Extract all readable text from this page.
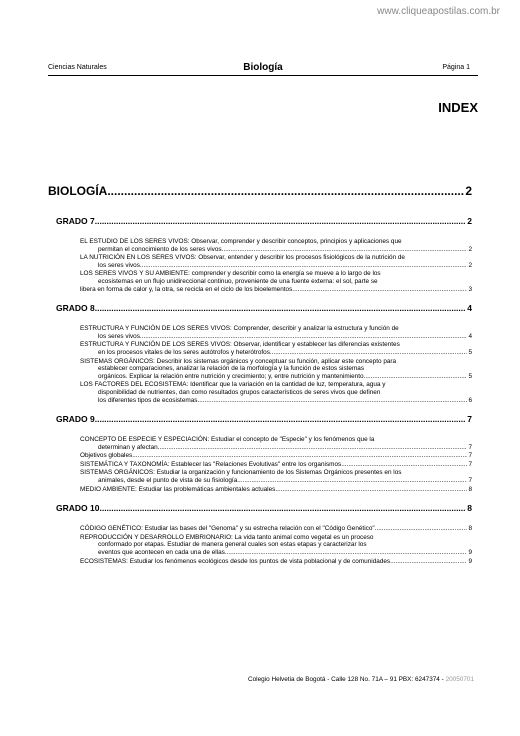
www.cliqueapostilas.com.br
Ciencias Naturales	Biología	Página 1
INDEX
BIOLOGÍA .....	2
GRADO 7 .....	2
EL ESTUDIO DE LOS SERES VIVOS: Observar, comprender y describir conceptos, principios y aplicaciones que
permitan el conocimiento de los seres vivos. .....	2
LA NUTRICIÓN EN LOS SERES VIVOS: Observar, entender y describir los procesos fisiológicos de la nutrición de
los seres vivos .....	2
LOS SERES VIVOS Y SU AMBIENTE: comprender y describir como la energía se mueve a lo largo de los
ecosistemas en un flujo unidireccional continuo, proveniente de una fuente externa: el sol, parte se
libera en forma de calor y, la otra, se recicla en el ciclo de los bioelementos. .....	3
GRADO 8 .....	4
ESTRUCTURA Y FUNCIÓN DE LOS SERES VIVOS: Comprender, describir y analizar la estructura y función de
los seres vivos .....	4
ESTRUCTURA Y FUNCIÓN DE LOS SERES VIVOS: Observar, identificar y establecer las diferencias existentes
en los procesos vitales de los seres autótrofos y heterótrofos. .....	5
SISTEMAS ORGÁNICOS: Describir los sistemas orgánicos y conceptuar su función, aplicar este concepto para
establecer comparaciones, analizar la relación de la morfología y la función de estos sistemas
orgánicos. Explicar la relación entre nutrición y crecimiento; y, entre nutrición y mantenimiento. .....	5
LOS FACTORES DEL ECOSISTEMA: Identificar que la variación en la cantidad de luz, temperatura, agua y
disponibilidad de nutrientes, dan como resultados grupos característicos de seres vivos que definen
los diferentes tipos de ecosistemas. .....	6
GRADO 9 .....	7
CONCEPTO DE ESPECIE Y ESPECIACIÓN: Estudiar el concepto de "Especie" y los fenómenos que la
determinan y afectan .....	7
Objetivos globales .....	7
SISTEMÁTICA Y TAXONOMÍA: Establecer las "Relaciones Evolutivas" entre los organismos .....	7
SISTEMAS ORGÁNICOS: Estudiar la organización y funcionamiento de los Sistemas Orgánicos presentes en los
animales, desde el punto de vista de su fisiología .....	7
MEDIO AMBIENTE: Estudiar las problemáticas ambientales actuales .....	8
GRADO 10 .....	8
CÓDIGO GENÉTICO: Estudiar las bases del "Genoma" y su estrecha relación con el "Código Genético" .....	8
REPRODUCCIÓN Y DESARROLLO EMBRIONARIO: La vida tanto animal como vegetal es un proceso
conformado por etapas. Estudiar de manera general cuales son estas etapas y caracterizar los
eventos que acontecen en cada una de ellas .....	9
ECOSISTEMAS: Estudiar los fenómenos ecológicos desde los puntos de vista poblacional y de comunidades. .....	9
Colegio Helvetia de Bogotá - Calle 128 No. 71A – 91 PBX: 6247374 - 20050701
